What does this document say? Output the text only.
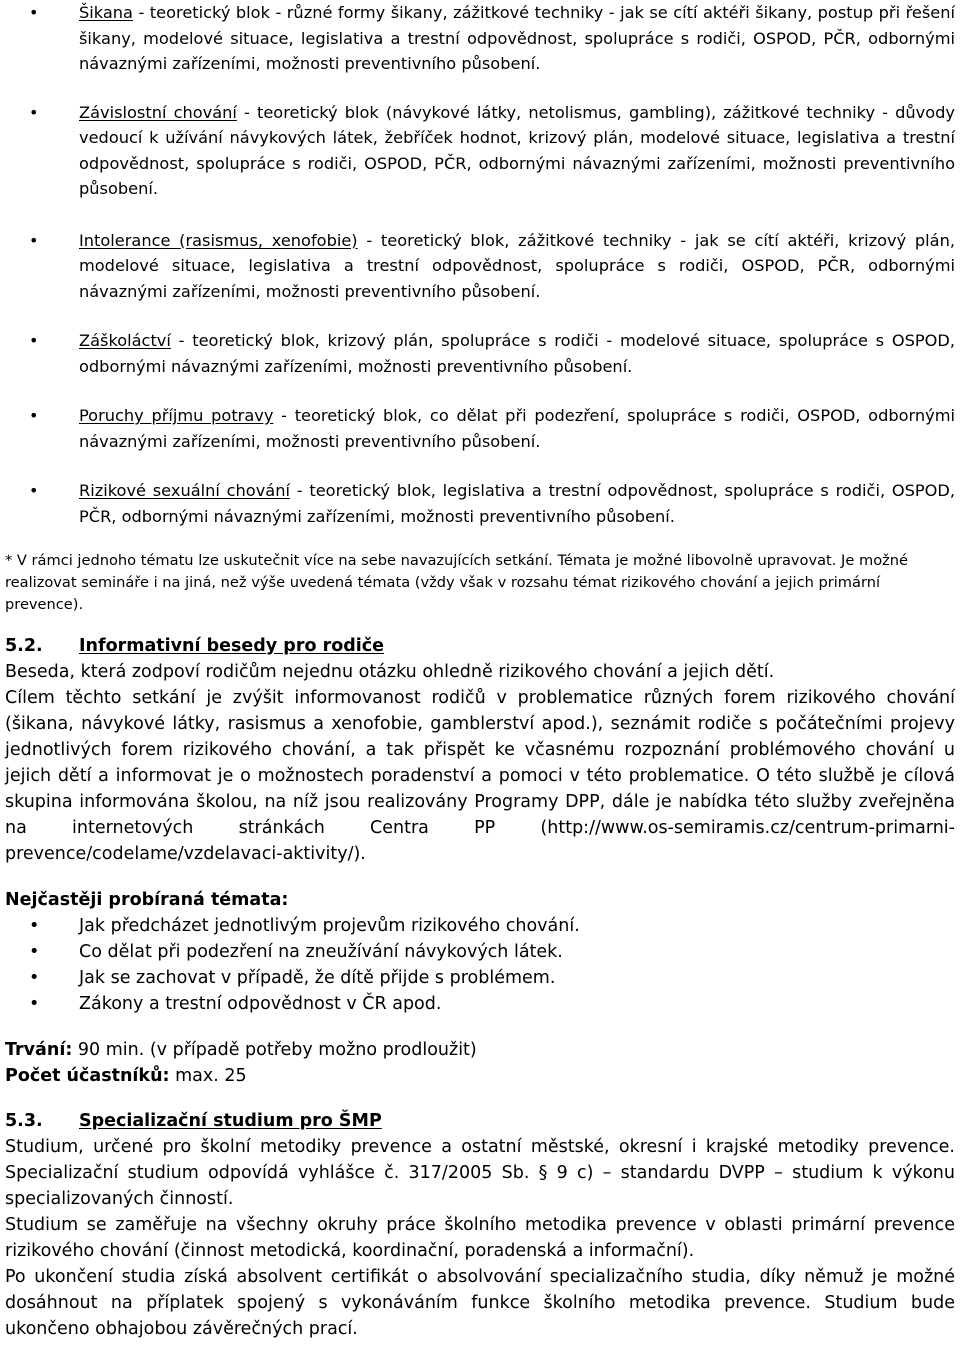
• Šikana - teoretický blok - různé formy šikany, zážitkové techniky - jak se cítí aktéři šikany, postup při řešení šikany, modelové situace, legislativa a trestní odpovědnost, spolupráce s rodiči, OSPOD, PČR, odbornými návaznými zařízeními, možnosti preventivního působení.
• Závislostní chování - teoretický blok (návykové látky, netolismus, gambling), zážitkové techniky - důvody vedoucí k užívání návykových látek, žebříček hodnot, krizový plán, modelové situace, legislativa a trestní odpovědnost, spolupráce s rodiči, OSPOD, PČR, odbornými návaznými zařízeními, možnosti preventivního působení.
• Intolerance (rasismus, xenofobie) - teoretický blok, zážitkové techniky - jak se cítí aktéři, krizový plán, modelové situace, legislativa a trestní odpovědnost, spolupráce s rodiči, OSPOD, PČR, odbornými návaznými zařízeními, možnosti preventivního působení.
• Záškoláctví - teoretický blok, krizový plán, spolupráce s rodiči - modelové situace, spolupráce s OSPOD, odbornými návaznými zařízeními, možnosti preventivního působení.
• Poruchy příjmu potravy - teoretický blok, co dělat při podezření, spolupráce s rodiči, OSPOD, odbornými návaznými zařízeními, možnosti preventivního působení.
• Rizikové sexuální chování - teoretický blok, legislativa a trestní odpovědnost, spolupráce s rodiči, OSPOD, PČR, odbornými návaznými zařízeními, možnosti preventivního působení.
* V rámci jednoho tématu lze uskutečnit více na sebe navazujících setkání. Témata je možné libovolně upravovat. Je možné realizovat semináře i na jiná, než výše uvedená témata (vždy však v rozsahu témat rizikového chování a jejich primární prevence).
5.2. Informativní besedy pro rodiče
Beseda, která zodpoví rodičům nejednu otázku ohledně rizikového chování a jejich dětí.
Cílem těchto setkání je zvýšit informovanost rodičů v problematice různých forem rizikového chování (šikana, návykové látky, rasismus a xenofobie, gamblerství apod.), seznámit rodiče s počátečními projevy jednotlivých forem rizikového chování, a tak přispět ke včasnému rozpoznání problémového chování u jejich dětí a informovat je o možnostech poradenství a pomoci v této problematice. O této službě je cílová skupina informována školou, na níž jsou realizovány Programy DPP, dále je nabídka této služby zveřejněna na internetových stránkách Centra PP (http://www.os-semiramis.cz/centrum-primarni-prevence/codelame/vzdelavaci-aktivity/).
Nejčastěji probíraná témata:
• Jak předcházet jednotlivým projevům rizikového chování.
• Co dělat při podezření na zneužívání návykových látek.
• Jak se zachovat v případě, že dítě přijde s problémem.
• Zákony a trestní odpovědnost v ČR apod.
Trvání: 90 min. (v případě potřeby možno prodloužit)
Počet účastníků: max. 25
5.3. Specializační studium pro ŠMP
Studium, určené pro školní metodiky prevence a ostatní městské, okresní i krajské metodiky prevence. Specializační studium odpovídá vyhlášce č. 317/2005 Sb. § 9 c) – standardu DVPP – studium k výkonu specializovaných činností.
Studium se zaměřuje na všechny okruhy práce školního metodika prevence v oblasti primární prevence rizikového chování (činnost metodická, koordinační, poradenská a informační).
Po ukončení studia získá absolvent certifikát o absolvování specializačního studia, díky němuž je možné dosáhnout na příplatek spojený s vykonáváním funkce školního metodika prevence. Studium bude ukončeno obhajobou závěrečných prací.
